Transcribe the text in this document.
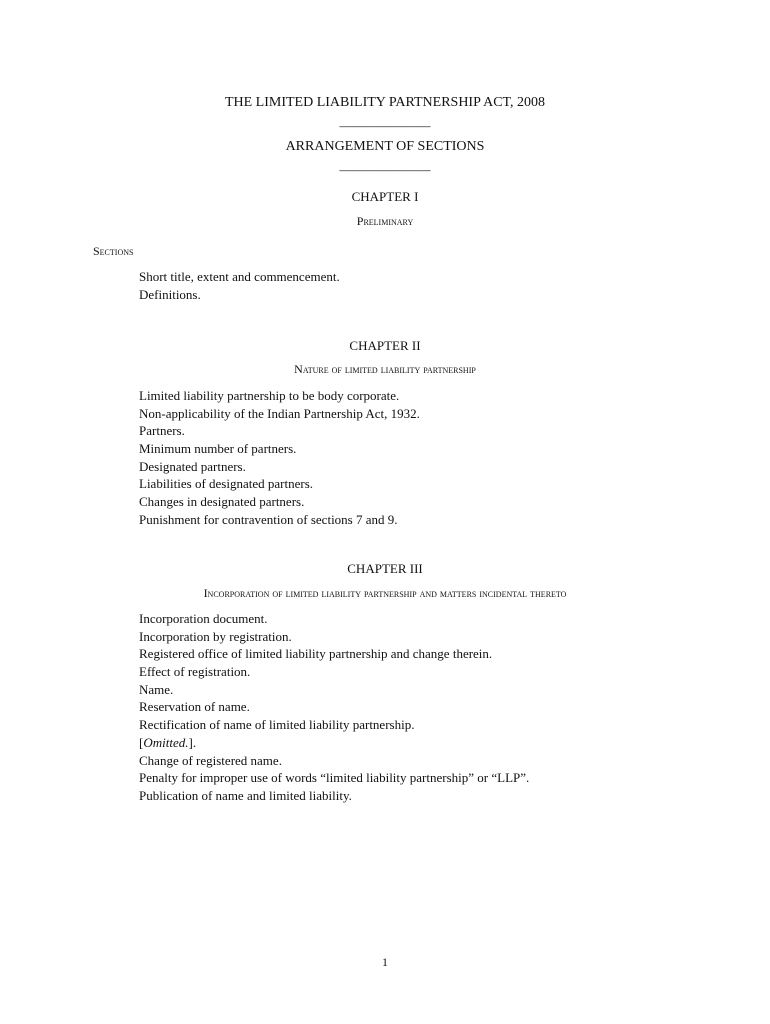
THE LIMITED LIABILITY PARTNERSHIP ACT, 2008
———————
ARRANGEMENT OF SECTIONS
———————
CHAPTER I
Preliminary
Sections
Short title, extent and commencement.
Definitions.
CHAPTER II
Nature of limited liability partnership
Limited liability partnership to be body corporate.
Non-applicability of the Indian Partnership Act, 1932.
Partners.
Minimum number of partners.
Designated partners.
Liabilities of designated partners.
Changes in designated partners.
Punishment for contravention of sections 7 and 9.
CHAPTER III
Incorporation of limited liability partnership and matters incidental thereto
Incorporation document.
Incorporation by registration.
Registered office of limited liability partnership and change therein.
Effect of registration.
Name.
Reservation of name.
Rectification of name of limited liability partnership.
[Omitted.].
Change of registered name.
Penalty for improper use of words “limited liability partnership” or “LLP”.
Publication of name and limited liability.
1
